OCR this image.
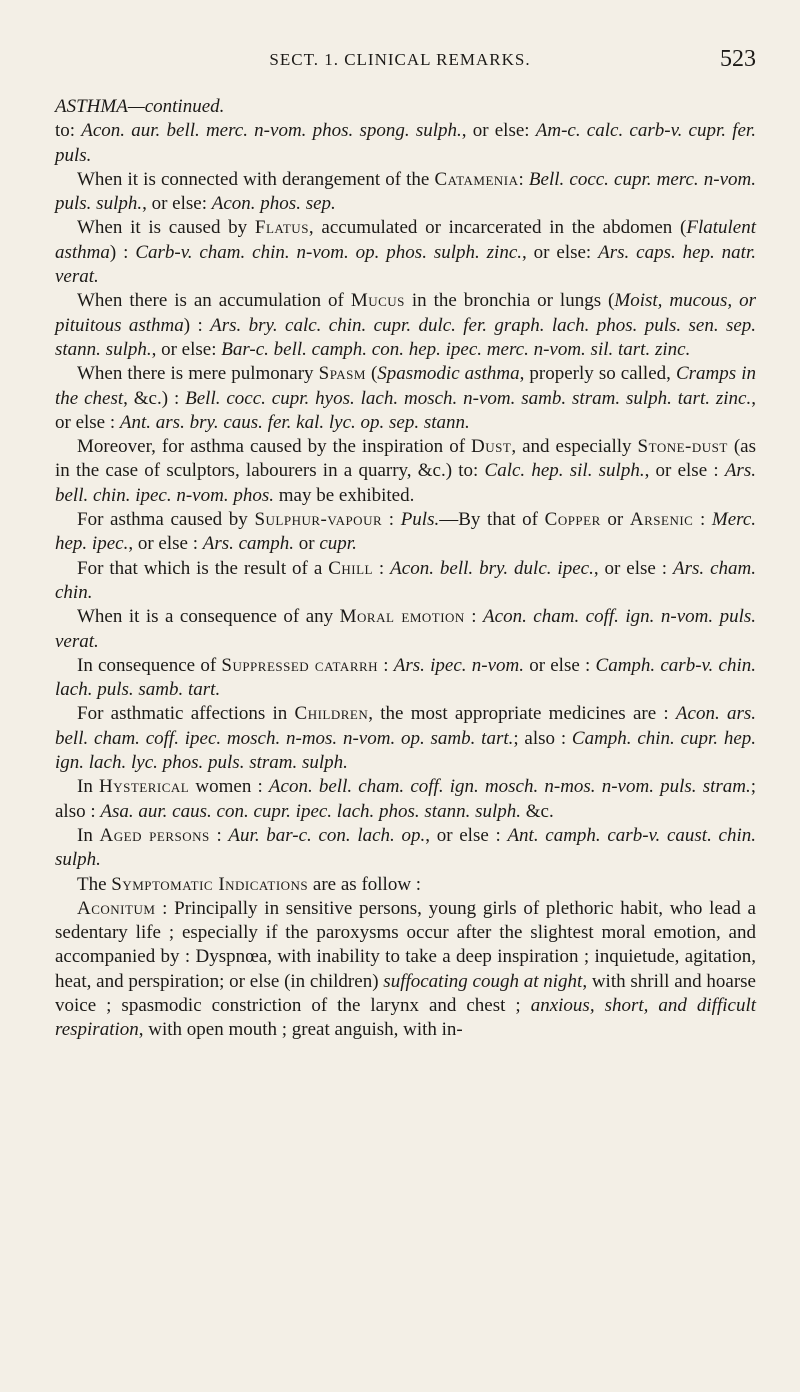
SECT. 1. CLINICAL REMARKS.	523

ASTHMA—continued.

to: Acon. aur. bell. merc. n-vom. phos. spong. sulph., or else: Am-c. calc. carb-v. cupr. fer. puls.

When it is connected with derangement of the Catamenia: Bell. cocc. cupr. merc. n-vom. puls. sulph., or else: Acon. phos. sep.

When it is caused by Flatus, accumulated or incarcerated in the abdomen (Flatulent asthma) : Carb-v. cham. chin. n-vom. op. phos. sulph. zinc., or else: Ars. caps. hep. natr. verat.

When there is an accumulation of Mucus in the bronchia or lungs (Moist, mucous, or pituitous asthma) : Ars. bry. calc. chin. cupr. dulc. fer. graph. lach. phos. puls. sen. sep. stann. sulph., or else: Bar-c. bell. camph. con. hep. ipec. merc. n-vom. sil. tart. zinc.

When there is mere pulmonary Spasm (Spasmodic asthma, properly so called, Cramps in the chest, &c.) : Bell. cocc. cupr. hyos. lach. mosch. n-vom. samb. stram. sulph. tart. zinc., or else : Ant. ars. bry. caus. fer. kal. lyc. op. sep. stann.

Moreover, for asthma caused by the inspiration of Dust, and especially Stone-dust (as in the case of sculptors, labourers in a quarry, &c.) to: Calc. hep. sil. sulph., or else : Ars. bell. chin. ipec. n-vom. phos. may be exhibited.

For asthma caused by Sulphur-vapour : Puls.—By that of Copper or Arsenic : Merc. hep. ipec., or else : Ars. camph. or cupr.

For that which is the result of a Chill : Acon. bell. bry. dulc. ipec., or else : Ars. cham. chin.

When it is a consequence of any Moral emotion : Acon. cham. coff. ign. n-vom. puls. verat.

In consequence of Suppressed catarrh : Ars. ipec. n-vom. or else : Camph. carb-v. chin. lach. puls. samb. tart.

For asthmatic affections in Children, the most appropriate medicines are : Acon. ars. bell. cham. coff. ipec. mosch. n-mos. n-vom. op. samb. tart.; also : Camph. chin. cupr. hep. ign. lach. lyc. phos. puls. stram. sulph.

In Hysterical women : Acon. bell. cham. coff. ign. mosch. n-mos. n-vom. puls. stram.; also : Asa. aur. caus. con. cupr. ipec. lach. phos. stann. sulph. &c.

In Aged persons : Aur. bar-c. con. lach. op., or else : Ant. camph. carb-v. caust. chin. sulph.

The Symptomatic Indications are as follow :

Aconitum : Principally in sensitive persons, young girls of plethoric habit, who lead a sedentary life ; especially if the paroxysms occur after the slightest moral emotion, and accompanied by : Dyspnœa, with inability to take a deep inspiration ; inquietude, agitation, heat, and perspiration; or else (in children) suffocating cough at night, with shrill and hoarse voice ; spasmodic constriction of the larynx and chest ; anxious, short, and difficult respiration, with open mouth ; great anguish, with in-
